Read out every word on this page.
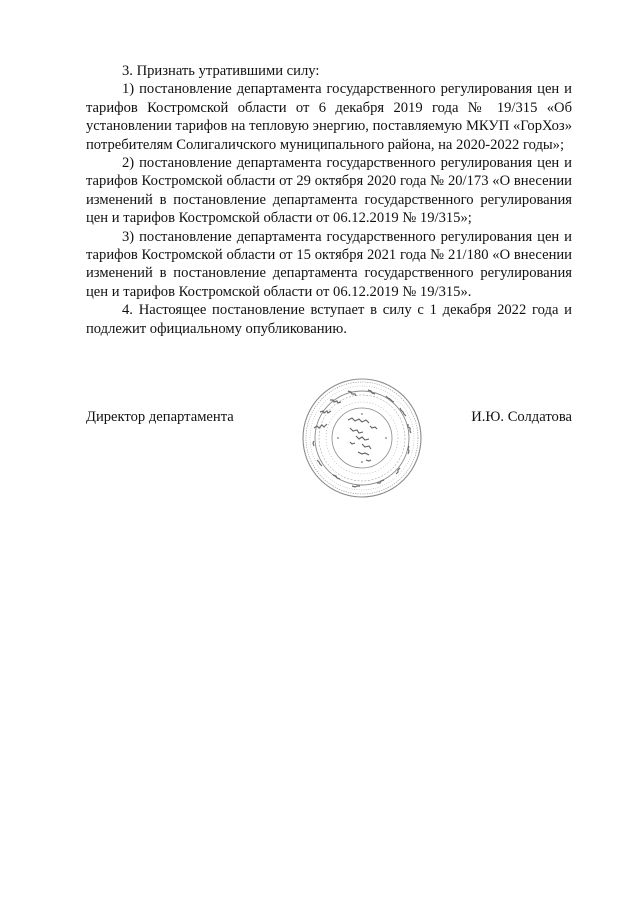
3. Признать утратившими силу:

1) постановление департамента государственного регулирования цен и тарифов Костромской области от 6 декабря 2019 года № 19/315 «Об установлении тарифов на тепловую энергию, поставляемую МКУП «ГорХоз» потребителям Солигаличского муниципального района, на 2020-2022 годы»;

2) постановление департамента государственного регулирования цен и тарифов Костромской области от 29 октября 2020 года № 20/173 «О внесении изменений в постановление департамента государственного регулирования цен и тарифов Костромской области от 06.12.2019 № 19/315»;

3) постановление департамента государственного регулирования цен и тарифов Костромской области от 15 октября 2021 года № 21/180 «О внесении изменений в постановление департамента государственного регулирования цен и тарифов Костромской области от 06.12.2019 № 19/315».

4. Настоящее постановление вступает в силу с 1 декабря 2022 года и подлежит официальному опубликованию.

Директор департамента	И.Ю. Солдатова
